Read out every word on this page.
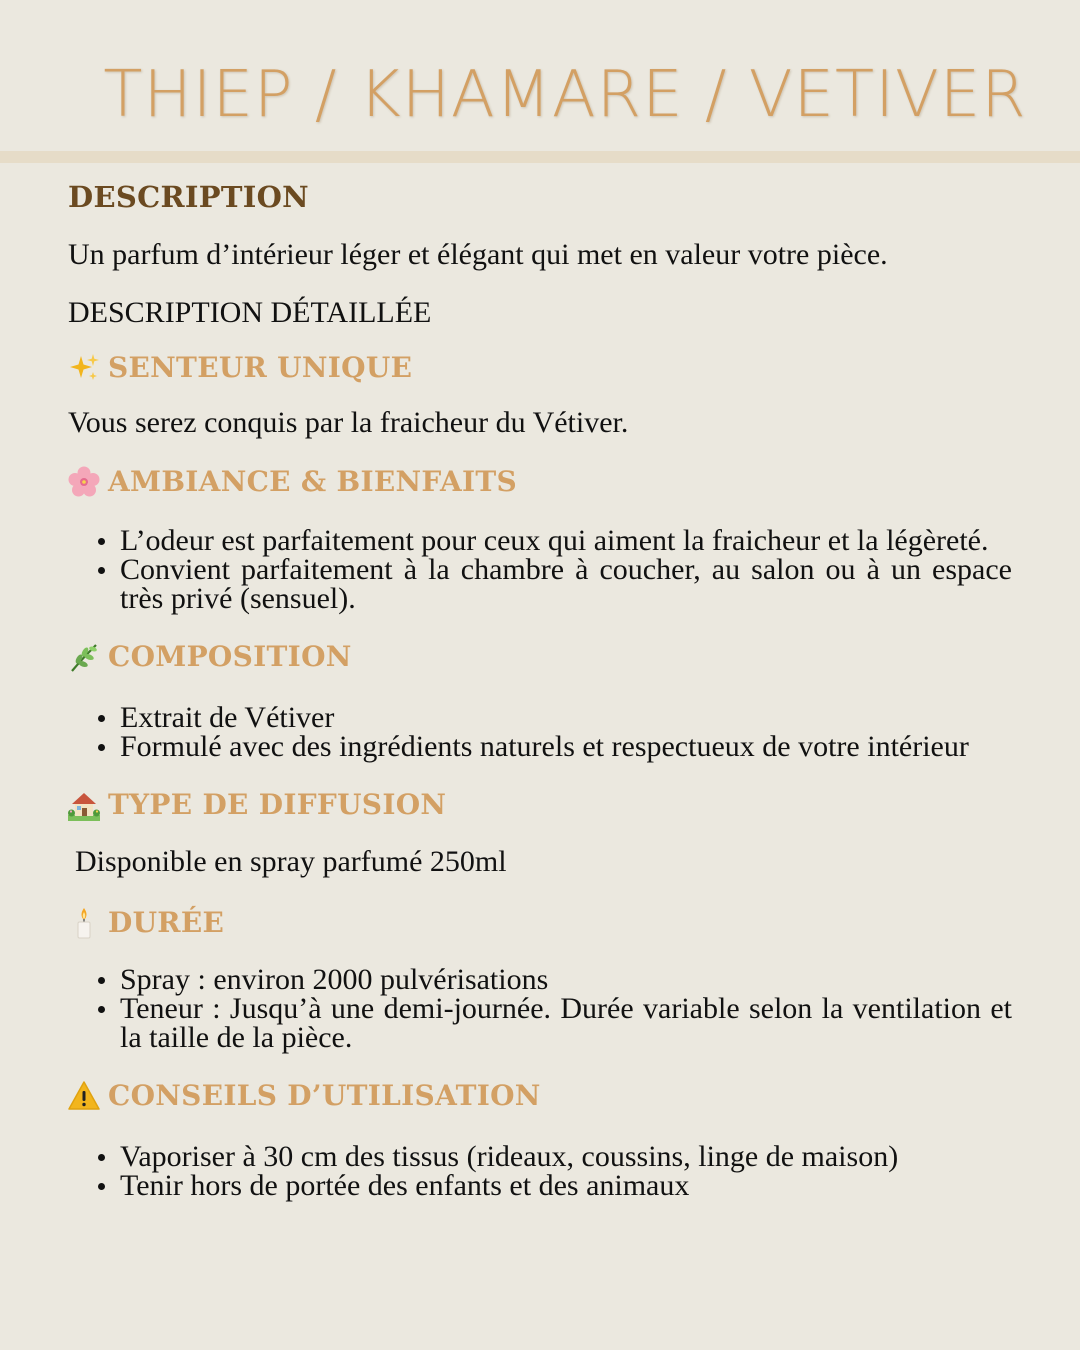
THIEP / KHAMARE / VETIVER
DESCRIPTION

Un parfum d’intérieur léger et élégant qui met en valeur votre pièce.

DESCRIPTION DÉTAILLÉE

SENTEUR UNIQUE

Vous serez conquis par la fraicheur du Vétiver.

AMBIANCE & BIENFAITS
L’odeur est parfaitement pour ceux qui aiment la fraicheur et la légèreté.
Convient parfaitement à la chambre à coucher, au salon ou à un espace très privé (sensuel).
COMPOSITION
Extrait de Vétiver
Formulé avec des ingrédients naturels et respectueux de votre intérieur
TYPE DE DIFFUSION

Disponible en spray parfumé 250ml

DURÉE
Spray : environ 2000 pulvérisations
Teneur : Jusqu’à une demi-journée. Durée variable selon la ventilation et la taille de la pièce.
CONSEILS D’UTILISATION
Vaporiser à 30 cm des tissus (rideaux, coussins, linge de maison)
Tenir hors de portée des enfants et des animaux
